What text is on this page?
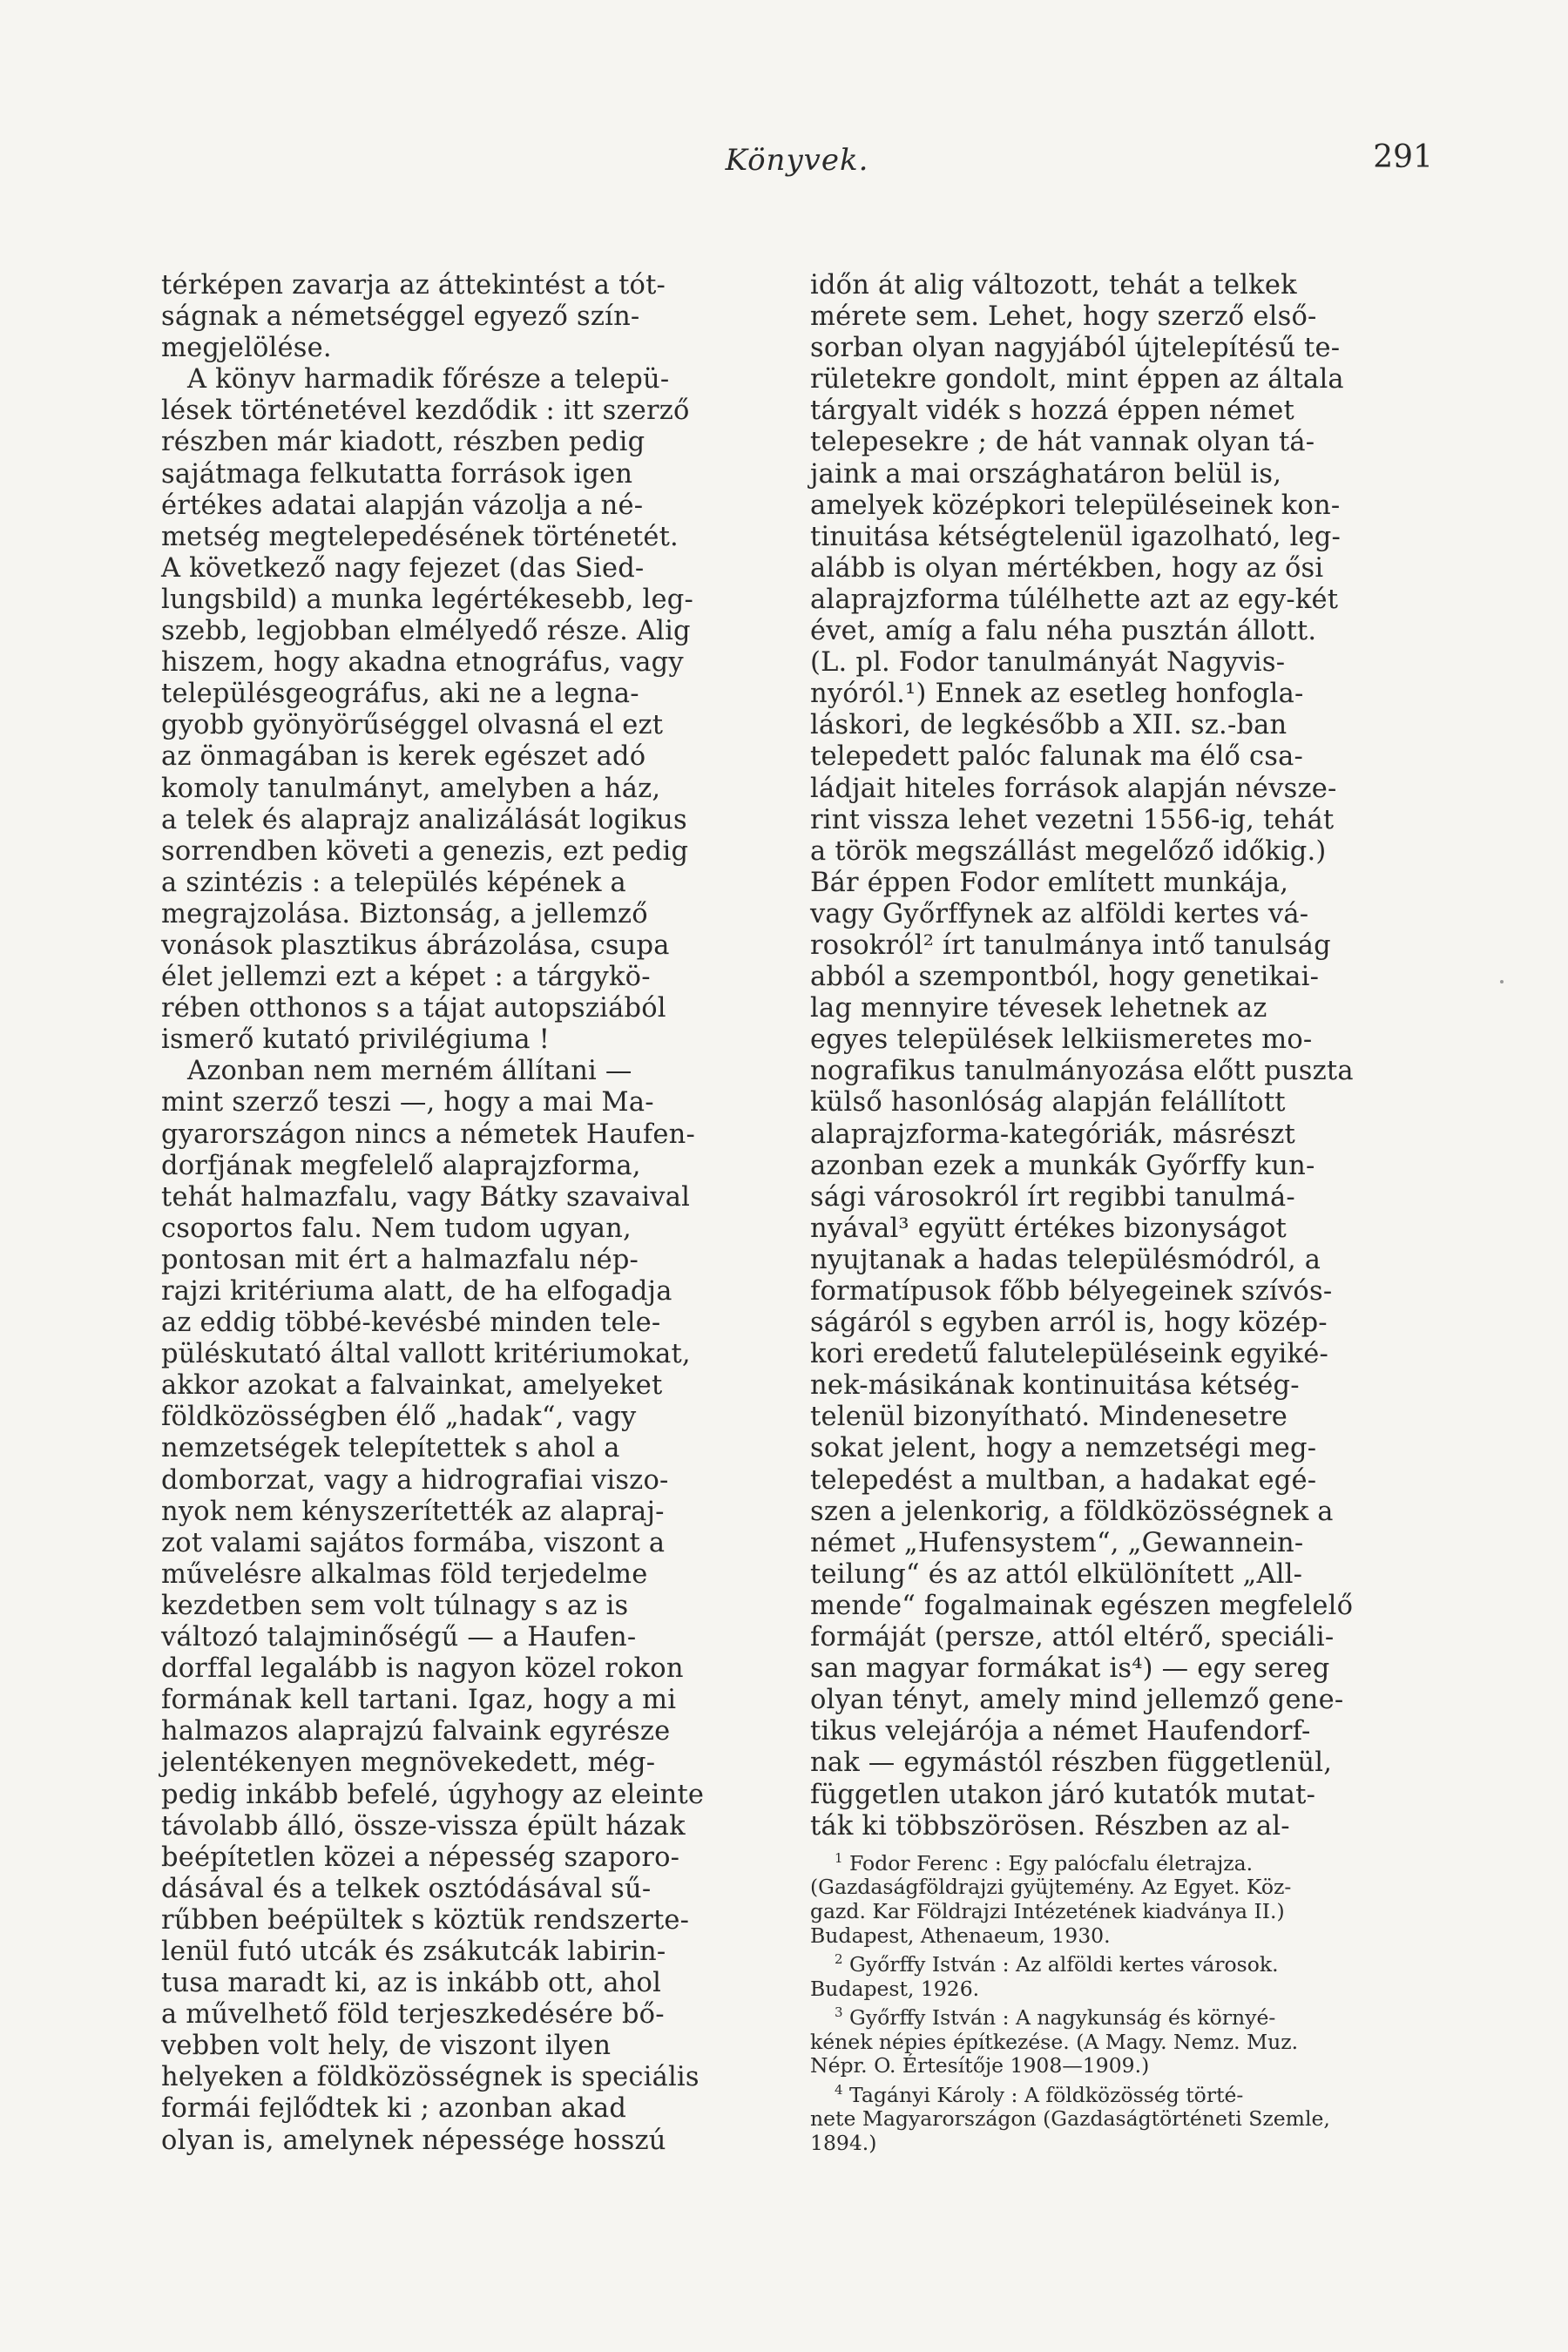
Könyvek.	291

térképen zavarja az áttekintést a tót-
ságnak a németséggel egyező szín-
megjelölése.

A könyv harmadik főrésze a telepü-
lések történetével kezdődik : itt szerző
részben már kiadott, részben pedig
sajátmaga felkutatta források igen
értékes adatai alapján vázolja a né-
metség megtelepedésének történetét.
A következő nagy fejezet (das Sied-
lungsbild) a munka legértékesebb, leg-
szebb, legjobban elmélyedő része. Alig
hiszem, hogy akadna etnográfus, vagy
településgeográfus, aki ne a legna-
gyobb gyönyörűséggel olvasná el ezt
az önmagában is kerek egészet adó
komoly tanulmányt, amelyben a ház,
a telek és alaprajz analizálását logikus
sorrendben követi a genezis, ezt pedig
a szintézis : a település képének a
megrajzolása. Biztonság, a jellemző
vonások plasztikus ábrázolása, csupa
élet jellemzi ezt a képet : a tárgykö-
rében otthonos s a tájat autopsziából
ismerő kutató privilégiuma !

Azonban nem merném állítani —
mint szerző teszi —, hogy a mai Ma-
gyarországon nincs a németek Haufen-
dorfjának megfelelő alaprajzforma,
tehát halmazfalu, vagy Bátky szavaival
csoportos falu. Nem tudom ugyan,
pontosan mit ért a halmazfalu nép-
rajzi kritériuma alatt, de ha elfogadja
az eddig többé-kevésbé minden tele-
püléskutató által vallott kritériumokat,
akkor azokat a falvainkat, amelyeket
földközösségben élő „hadak“, vagy
nemzetségek telepítettek s ahol a
domborzat, vagy a hidrografiai viszo-
nyok nem kényszerítették az alapraj-
zot valami sajátos formába, viszont a
művelésre alkalmas föld terjedelme
kezdetben sem volt túlnagy s az is
változó talajminőségű — a Haufen-
dorffal legalább is nagyon közel rokon
formának kell tartani. Igaz, hogy a mi
halmazos alaprajzú falvaink egyrésze
jelentékenyen megnövekedett, még-
pedig inkább befelé, úgyhogy az eleinte
távolabb álló, össze-vissza épült házak
beépítetlen közei a népesség szaporo-
dásával és a telkek osztódásával sű-
rűbben beépültek s köztük rendszerte-
lenül futó utcák és zsákutcák labirin-
tusa maradt ki, az is inkább ott, ahol
a művelhető föld terjeszkedésére bő-
vebben volt hely, de viszont ilyen
helyeken a földközösségnek is speciális
formái fejlődtek ki ; azonban akad
olyan is, amelynek népessége hosszú

időn át alig változott, tehát a telkek
mérete sem. Lehet, hogy szerző első-
sorban olyan nagyjából újtelepítésű te-
rületekre gondolt, mint éppen az általa
tárgyalt vidék s hozzá éppen német
telepesekre ; de hát vannak olyan tá-
jaink a mai országhatáron belül is,
amelyek középkori településeinek kon-
tinuitása kétségtelenül igazolható, leg-
alább is olyan mértékben, hogy az ősi
alaprajzforma túlélhette azt az egy-két
évet, amíg a falu néha pusztán állott.
(L. pl. Fodor tanulmányát Nagyvis-
nyóról.¹) Ennek az esetleg honfogla-
láskori, de legkésőbb a XII. sz.-ban
telepedett palóc falunak ma élő csa-
ládjait hiteles források alapján névsze-
rint vissza lehet vezetni 1556-ig, tehát
a török megszállást megelőző időkig.)
Bár éppen Fodor említett munkája,
vagy Győrffynek az alföldi kertes vá-
rosokról² írt tanulmánya intő tanulság
abból a szempontból, hogy genetikai-
lag mennyire tévesek lehetnek az
egyes települések lelkiismeretes mo-
nografikus tanulmányozása előtt puszta
külső hasonlóság alapján felállított
alaprajzforma-kategóriák, másrészt
azonban ezek a munkák Győrffy kun-
sági városokról írt regibbi tanulmá-
nyával³ együtt értékes bizonyságot
nyujtanak a hadas településmódról, a
formatípusok főbb bélyegeinek szívós-
ságáról s egyben arról is, hogy közép-
kori eredetű falutelepüléseink egyiké-
nek-másikának kontinuitása kétség-
telenül bizonyítható. Mindenesetre
sokat jelent, hogy a nemzetségi meg-
telepedést a multban, a hadakat egé-
szen a jelenkorig, a földközösségnek a
német „Hufensystem“, „Gewannein-
teilung“ és az attól elkülönített „All-
mende“ fogalmainak egészen megfelelő
formáját (persze, attól eltérő, speciáli-
san magyar formákat is⁴) — egy sereg
olyan tényt, amely mind jellemző gene-
tikus velejárója a német Haufendorf-
nak — egymástól részben függetlenül,
független utakon járó kutatók mutat-
ták ki többszörösen. Részben az al-

$^1$ Fodor Ferenc : Egy palócfalu életrajza.
(Gazdaságföldrajzi gyüjtemény. Az Egyet. Köz-
gazd. Kar Földrajzi Intézetének kiadványa II.)
Budapest, Athenaeum, 1930.

$^2$ Győrffy István : Az alföldi kertes városok.
Budapest, 1926.

$^3$ Győrffy István : A nagykunság és környé-
kének népies építkezése. (A Magy. Nemz. Muz.
Népr. O. Értesítője 1908—1909.)

$^4$ Tagányi Károly : A földközösség törté-
nete Magyarországon (Gazdaságtörténeti Szemle,
1894.)
